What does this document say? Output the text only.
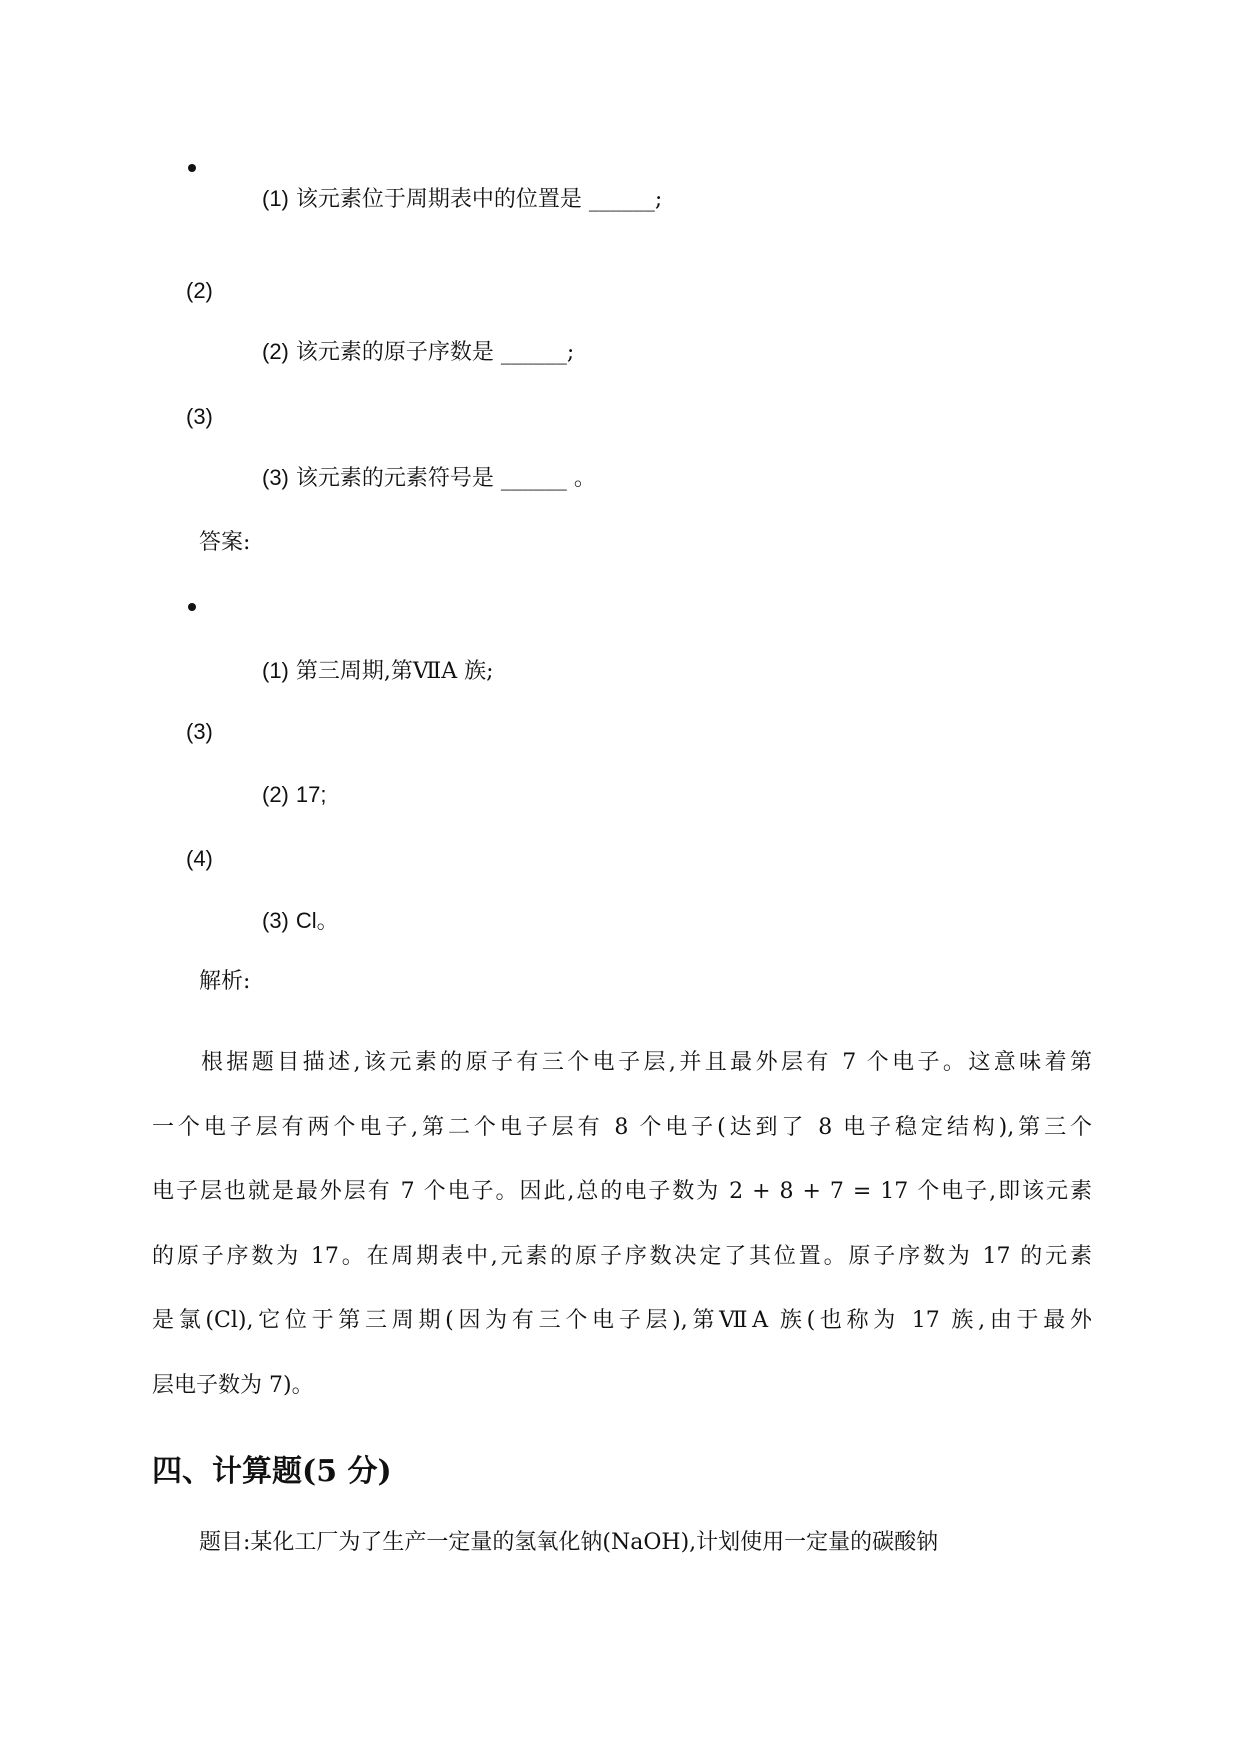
(1) 该元素位于周期表中的位置是 ______;
(2)
(2) 该元素的原子序数是 ______;
(3)
(3) 该元素的元素符号是 ______ 。
答案:
(1) 第三周期,第ⅦA 族;
(3)
(2) 17;
(4)
(3) Cl。
解析:
根据题目描述,该元素的原子有三个电子层,并且最外层有 7 个电子。这意味着第
一个电子层有两个电子,第二个电子层有 8 个电子(达到了 8 电子稳定结构),第三个
电子层也就是最外层有 7 个电子。因此,总的电子数为 2 + 8 + 7 = 17 个电子,即该元素
的原子序数为 17。在周期表中,元素的原子序数决定了其位置。原子序数为 17 的元素
是氯(Cl),它位于第三周期(因为有三个电子层),第ⅦA 族(也称为 17 族,由于最外
层电子数为 7)。
四、计算题(5 分)
题目:某化工厂为了生产一定量的氢氧化钠(NaOH),计划使用一定量的碳酸钠
